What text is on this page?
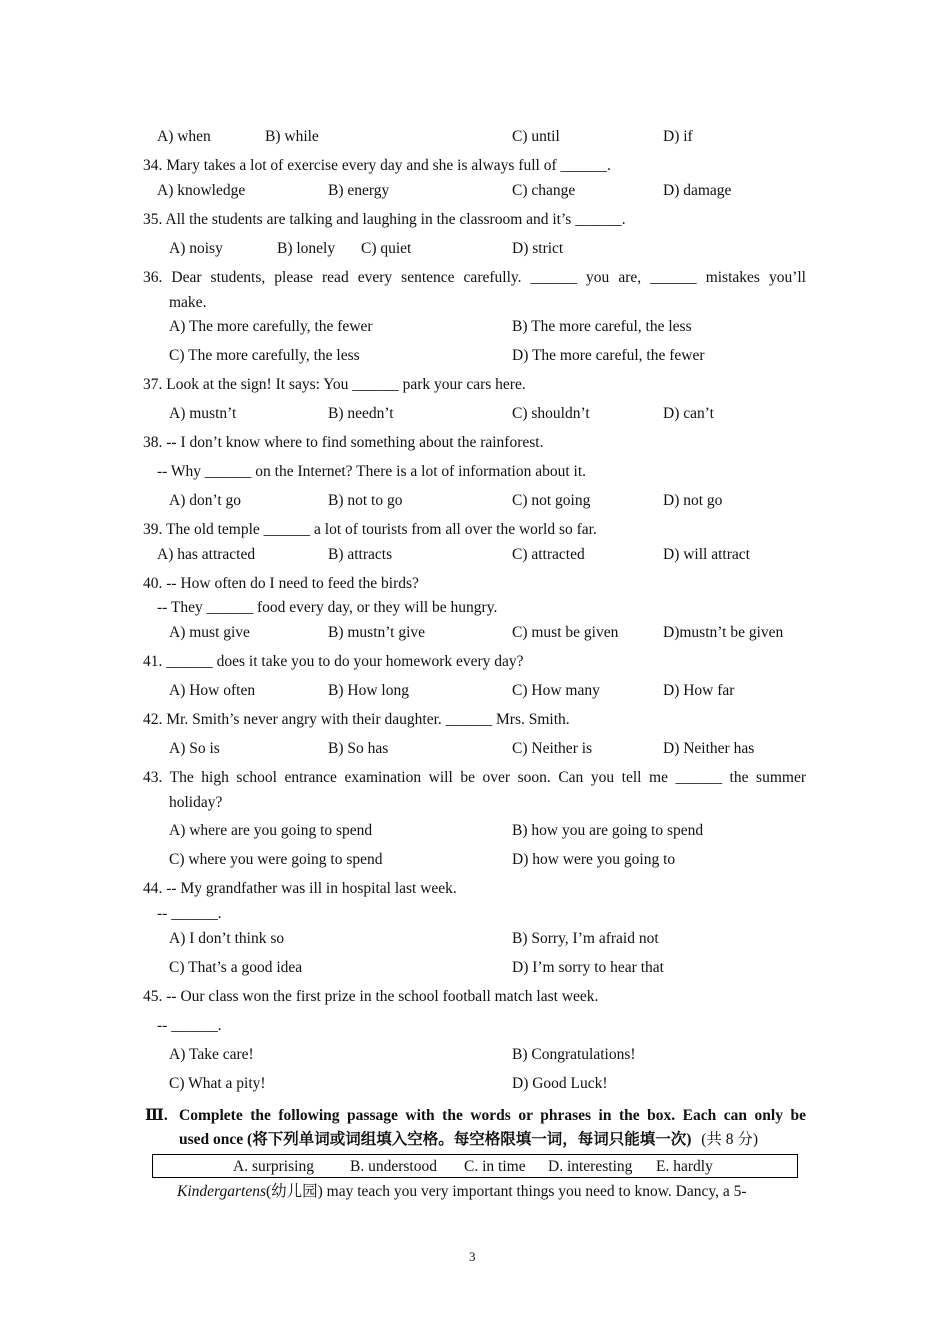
A) when	B) while	C) until	D) if
34. Mary takes a lot of exercise every day and she is always full of ______.
A) knowledge	B) energy	C) change	D) damage
35. All the students are talking and laughing in the classroom and it’s ______.
A) noisy	B) lonely C) quiet	D) strict
36. Dear students, please read every sentence carefully. ______ you are, ______ mistakes you’ll
make.
A) The more carefully, the fewer	B) The more careful, the less
C) The more carefully, the less	D) The more careful, the fewer
37. Look at the sign! It says: You ______ park your cars here.
A) mustn’t	B) needn’t	C) shouldn’t	D) can’t
38. -- I don’t know where to find something about the rainforest.
-- Why ______ on the Internet? There is a lot of information about it.
A) don’t go	B) not to go	C) not going	D) not go
39. The old temple ______ a lot of tourists from all over the world so far.
A) has attracted	B) attracts	C) attracted	D) will attract
40. -- How often do I need to feed the birds?
-- They ______ food every day, or they will be hungry.
A) must give	B) mustn’t give	C) must be given	D)mustn’t be given
41. ______ does it take you to do your homework every day?
A) How often	B) How long	C) How many	D) How far
42. Mr. Smith’s never angry with their daughter. ______ Mrs. Smith.
A) So is	B) So has	C) Neither is	D) Neither has
43. The high school entrance examination will be over soon. Can you tell me ______ the summer
holiday?
A) where are you going to spend	B) how you are going to spend
C) where you were going to spend	D) how were you going to
44. -- My grandfather was ill in hospital last week.
-- ______.
A) I don’t think so	B) Sorry, I’m afraid not
C) That’s a good idea	D) I’m sorry to hear that
45. -- Our class won the first prize in the school football match last week.
-- ______.
A) Take care!	B) Congratulations!
C) What a pity!	D) Good Luck!
Ⅲ. Complete the following passage with the words or phrases in the box. Each can only be
used once (将下列单词或词组填入空格。每空格限填一词，每词只能填一次) (共 8 分)
A. surprising B. understood C. in time D. interesting E. hardly
Kindergartens(幼儿园) may teach you very important things you need to know. Dancy, a 5-
3
